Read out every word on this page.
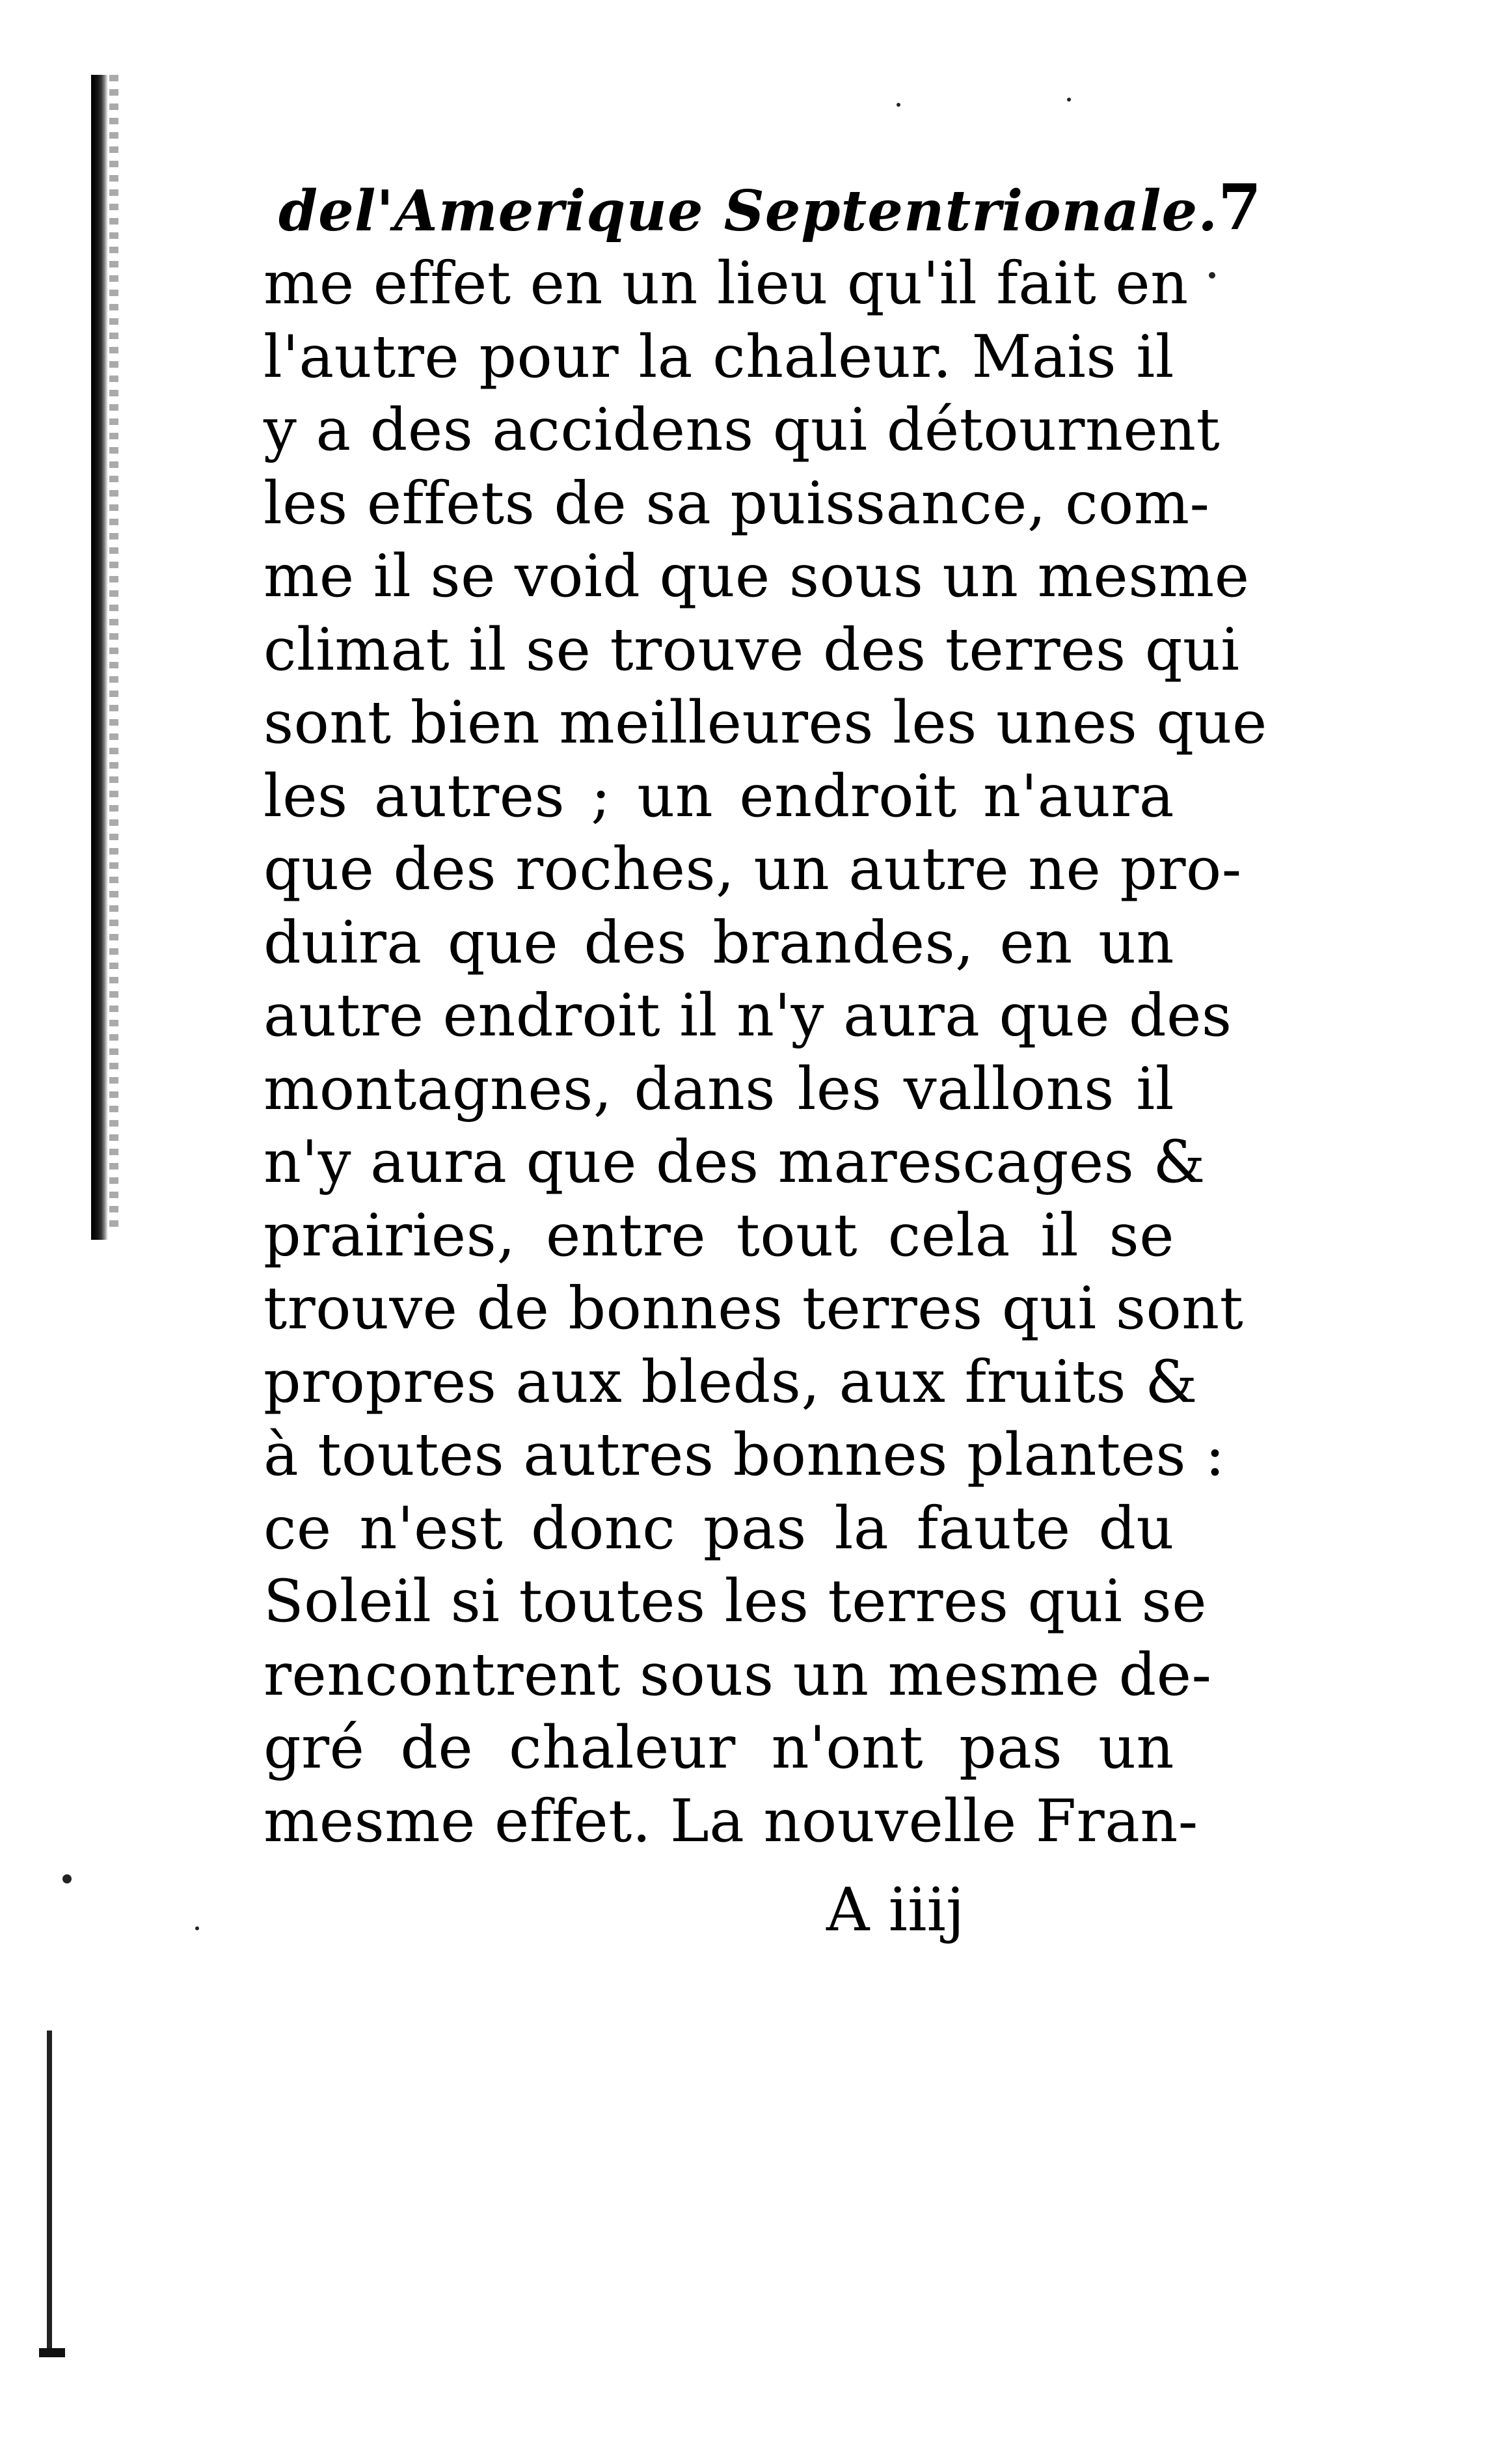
del'Amerique Septentrionale. 7
me effet en un lieu qu'il fait en
l'autre pour la chaleur. Mais il
y a des accidens qui détournent
les effets de sa puissance, com-
me il se void que sous un mesme
climat il se trouve des terres qui
sont bien meilleures les unes que
les autres ; un endroit n'aura
que des roches, un autre ne pro-
duira que des brandes, en un
autre endroit il n'y aura que des
montagnes, dans les vallons il
n'y aura que des marescages &
prairies, entre tout cela il se
trouve de bonnes terres qui sont
propres aux bleds, aux fruits &
à toutes autres bonnes plantes :
ce n'est donc pas la faute du
Soleil si toutes les terres qui se
rencontrent sous un mesme de-
gré de chaleur n'ont pas un
mesme effet. La nouvelle Fran-
A iiij
